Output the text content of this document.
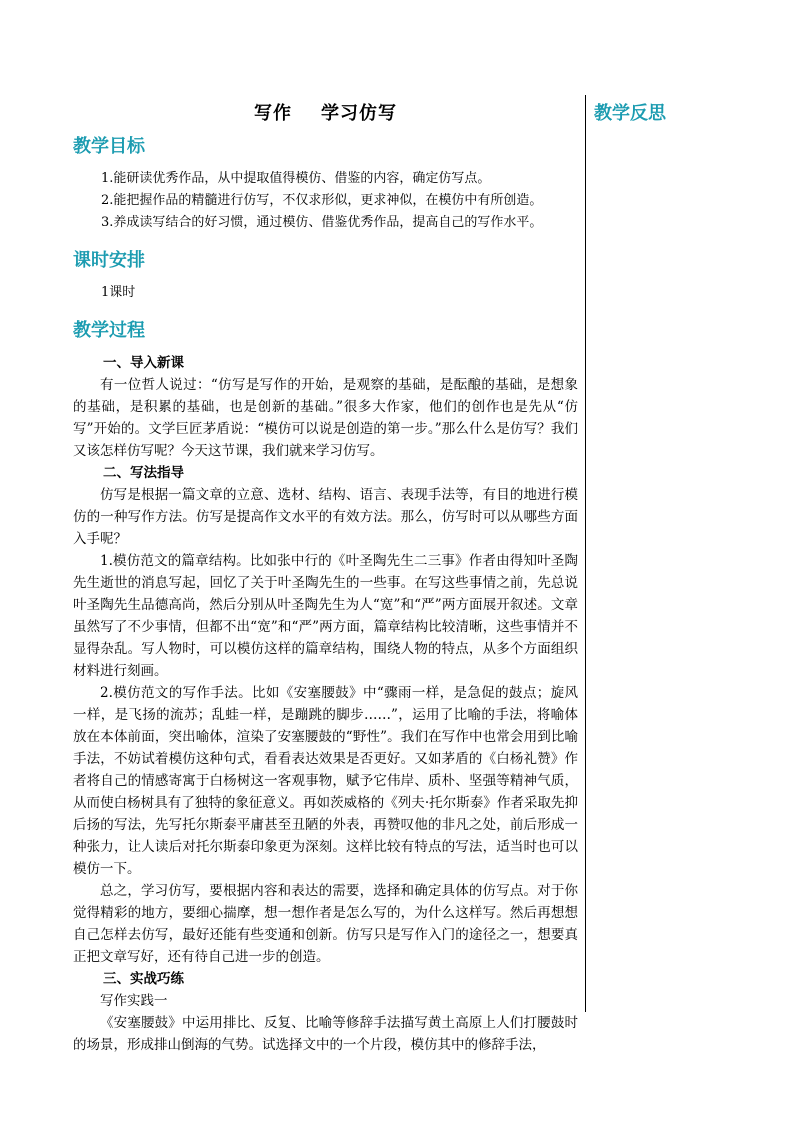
写作    学习仿写
教学目标

1.能研读优秀作品，从中提取值得模仿、借鉴的内容，确定仿写点。

2.能把握作品的精髓进行仿写，不仅求形似，更求神似，在模仿中有所创造。

3.养成读写结合的好习惯，通过模仿、借鉴优秀作品，提高自己的写作水平。

课时安排

1课时

教学过程

一、导入新课

有一位哲人说过：“仿写是写作的开始，是观察的基础，是酝酿的基础，是想象的基础，是积累的基础，也是创新的基础。”很多大作家，他们的创作也是先从“仿写”开始的。文学巨匠茅盾说：“模仿可以说是创造的第一步。”那么什么是仿写？我们又该怎样仿写呢？今天这节课，我们就来学习仿写。

二、写法指导

仿写是根据一篇文章的立意、选材、结构、语言、表现手法等，有目的地进行模仿的一种写作方法。仿写是提高作文水平的有效方法。那么，仿写时可以从哪些方面入手呢？

1.模仿范文的篇章结构。比如张中行的《叶圣陶先生二三事》作者由得知叶圣陶先生逝世的消息写起，回忆了关于叶圣陶先生的一些事。在写这些事情之前，先总说叶圣陶先生品德高尚，然后分别从叶圣陶先生为人“宽”和“严”两方面展开叙述。文章虽然写了不少事情，但都不出“宽”和“严”两方面，篇章结构比较清晰，这些事情并不显得杂乱。写人物时，可以模仿这样的篇章结构，围绕人物的特点，从多个方面组织材料进行刻画。

2.模仿范文的写作手法。比如《安塞腰鼓》中“骤雨一样，是急促的鼓点；旋风一样，是飞扬的流苏；乱蛙一样，是蹦跳的脚步……”，运用了比喻的手法，将喻体放在本体前面，突出喻体，渲染了安塞腰鼓的“野性”。我们在写作中也常会用到比喻手法，不妨试着模仿这种句式，看看表达效果是否更好。又如茅盾的《白杨礼赞》作者将自己的情感寄寓于白杨树这一客观事物，赋予它伟岸、质朴、坚强等精神气质，从而使白杨树具有了独特的象征意义。再如茨威格的《列夫·托尔斯泰》作者采取先抑后扬的写法，先写托尔斯泰平庸甚至丑陋的外表，再赞叹他的非凡之处，前后形成一种张力，让人读后对托尔斯泰印象更为深刻。这样比较有特点的写法，适当时也可以模仿一下。

总之，学习仿写，要根据内容和表达的需要，选择和确定具体的仿写点。对于你觉得精彩的地方，要细心揣摩，想一想作者是怎么写的，为什么这样写。然后再想想自己怎样去仿写，最好还能有些变通和创新。仿写只是写作入门的途径之一，想要真正把文章写好，还有待自己进一步的创造。

三、实战巧练

写作实践一

《安塞腰鼓》中运用排比、反复、比喻等修辞手法描写黄土高原上人们打腰鼓时的场景，形成排山倒海的气势。试选择文中的一个片段，模仿其中的修辞手法，

教学反思
